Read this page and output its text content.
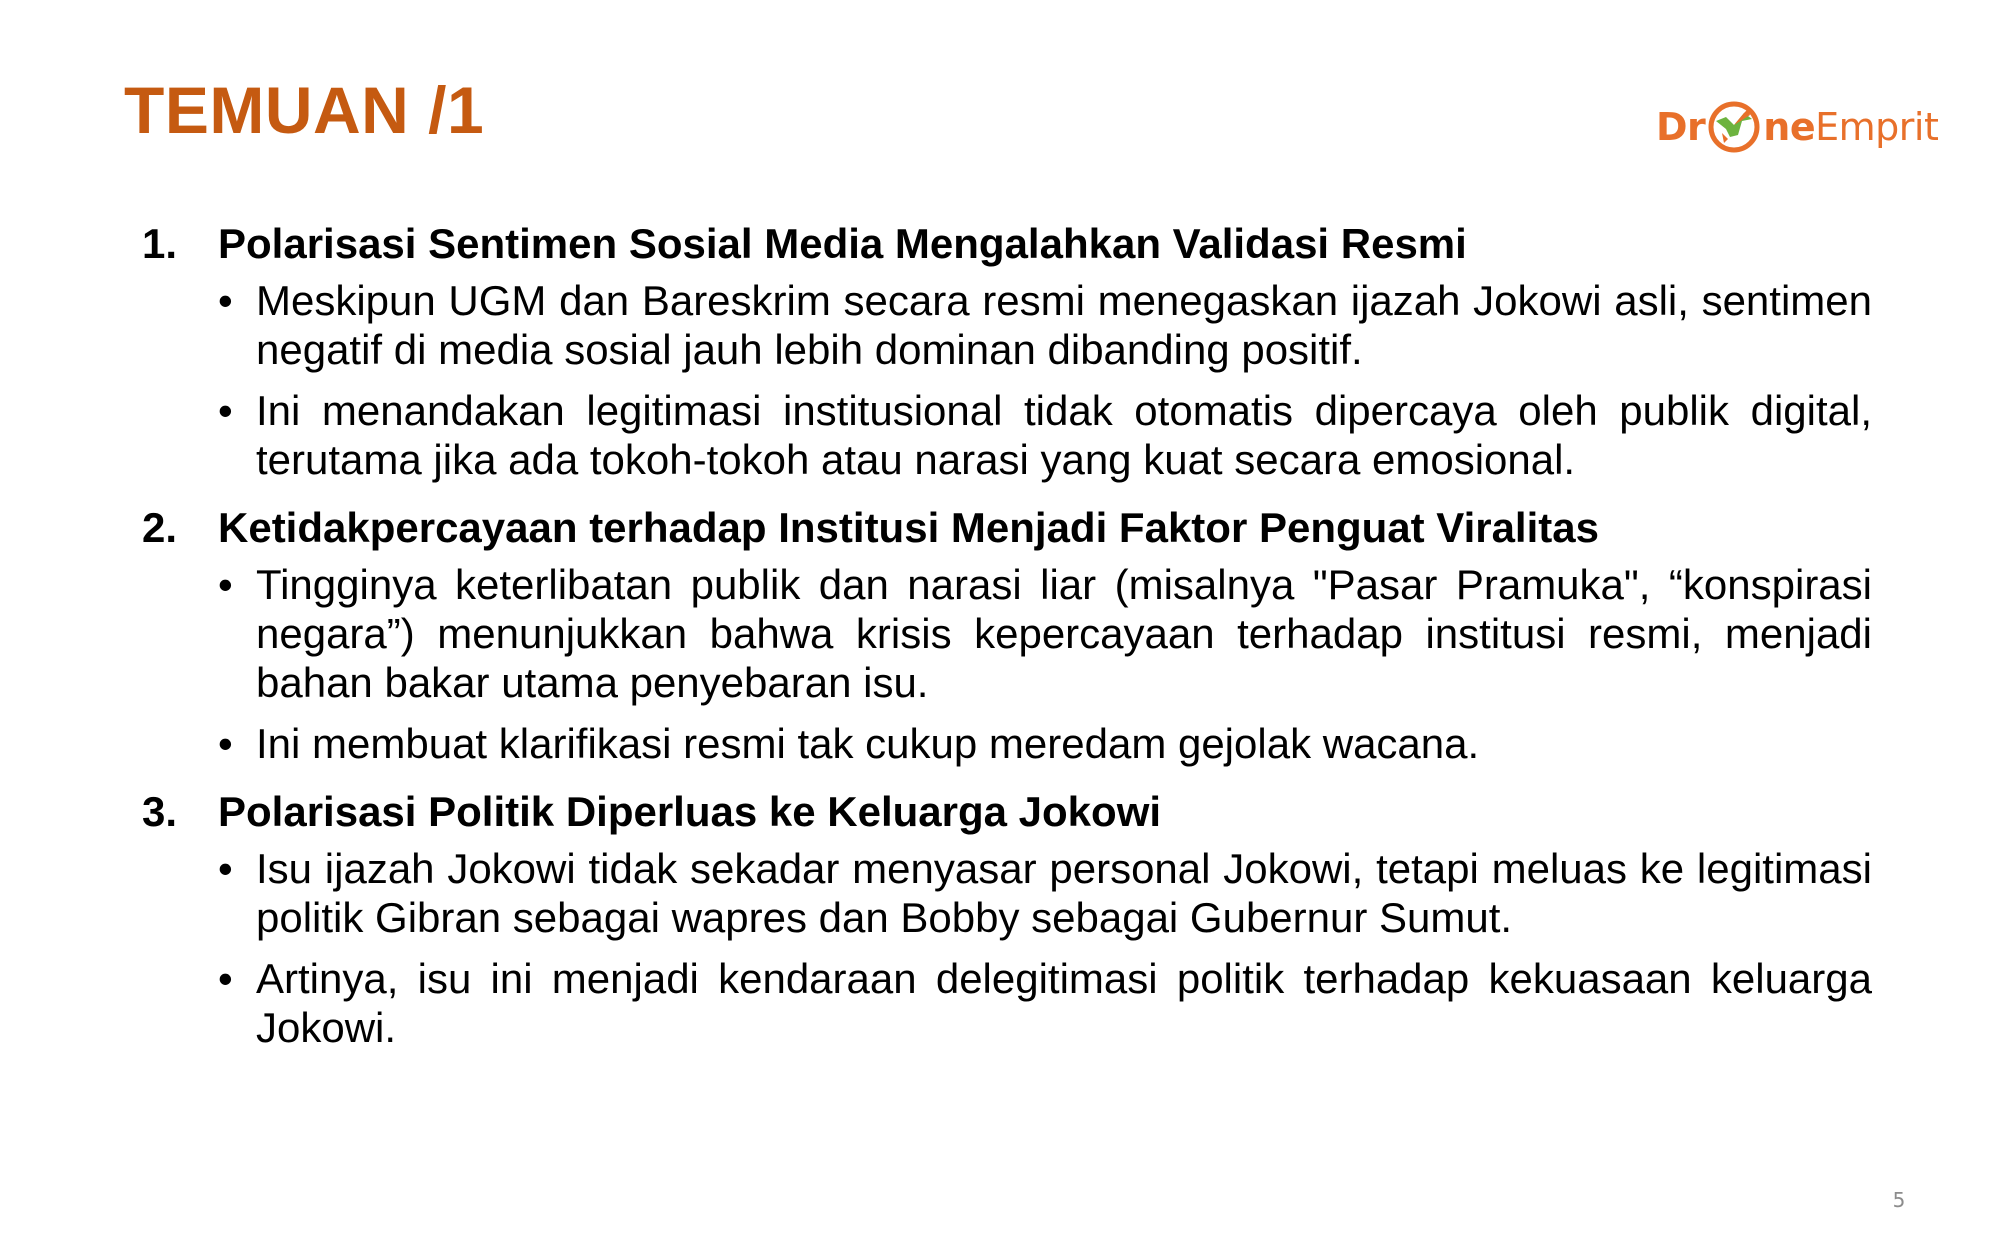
TEMUAN /1	Dr ne Emprit
1. Polarisasi Sentimen Sosial Media Mengalahkan Validasi Resmi
• Meskipun UGM dan Bareskrim secara resmi menegaskan ijazah Jokowi asli, sentimen negatif di media sosial jauh lebih dominan dibanding positif.
• Ini menandakan legitimasi institusional tidak otomatis dipercaya oleh publik digital, terutama jika ada tokoh-tokoh atau narasi yang kuat secara emosional.
2. Ketidakpercayaan terhadap Institusi Menjadi Faktor Penguat Viralitas
• Tingginya keterlibatan publik dan narasi liar (misalnya "Pasar Pramuka", “konspirasi negara”) menunjukkan bahwa krisis kepercayaan terhadap institusi resmi, menjadi bahan bakar utama penyebaran isu.
• Ini membuat klarifikasi resmi tak cukup meredam gejolak wacana.
3. Polarisasi Politik Diperluas ke Keluarga Jokowi
• Isu ijazah Jokowi tidak sekadar menyasar personal Jokowi, tetapi meluas ke legitimasi politik Gibran sebagai wapres dan Bobby sebagai Gubernur Sumut.
• Artinya, isu ini menjadi kendaraan delegitimasi politik terhadap kekuasaan keluarga Jokowi.
5
